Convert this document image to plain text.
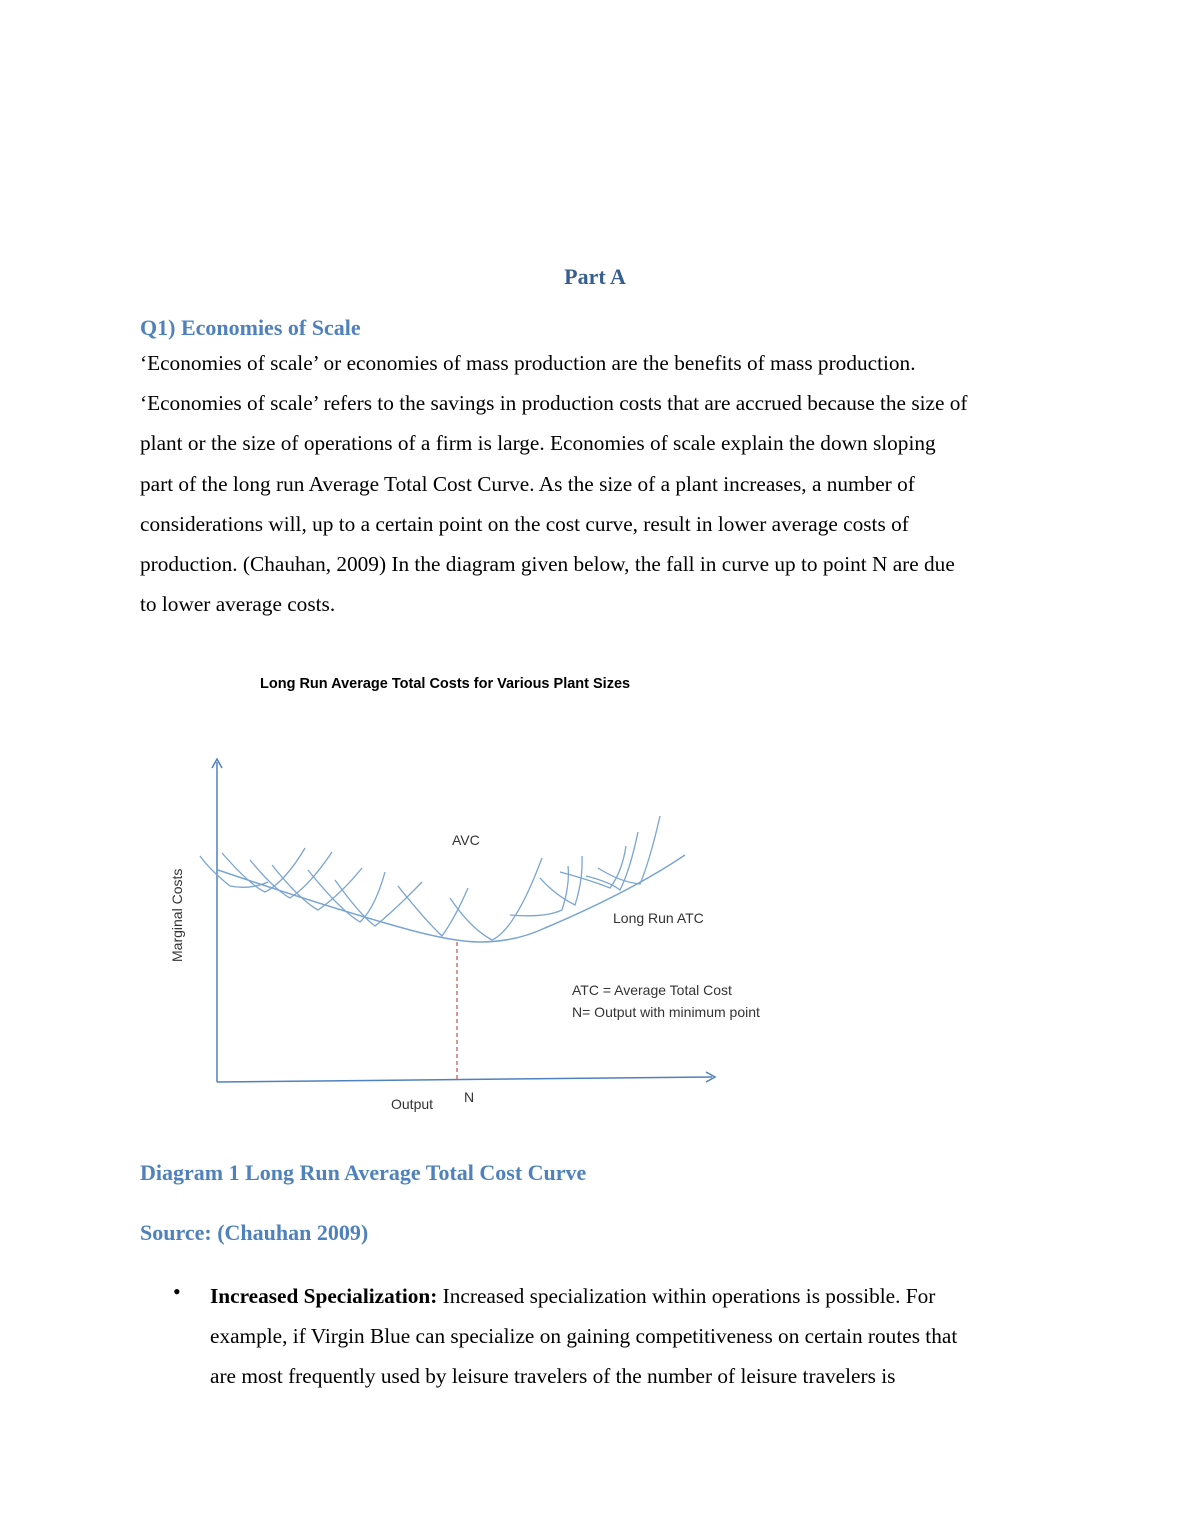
Part A
Q1) Economies of Scale

‘Economies of scale’ or economies of mass production are the benefits of mass production.

‘Economies of scale’ refers to the savings in production costs that are accrued because the size of

plant or the size of operations of a firm is large. Economies of scale explain the down sloping

part of the long run Average Total Cost Curve. As the size of a plant increases, a number of

considerations will, up to a certain point on the cost curve, result in lower average costs of

production. (Chauhan, 2009) In the diagram given below, the fall in curve up to point N are due

to lower average costs.

Long Run Average Total Costs for Various Plant Sizes
Marginal Costs
Output N
AVC
Long Run ATC
ATC = Average Total Cost
N= Output with minimum point
Diagram 1 Long Run Average Total Cost Curve
Source: (Chauhan 2009)
• Increased Specialization: Increased specialization within operations is possible. For

example, if Virgin Blue can specialize on gaining competitiveness on certain routes that

are most frequently used by leisure travelers of the number of leisure travelers is
